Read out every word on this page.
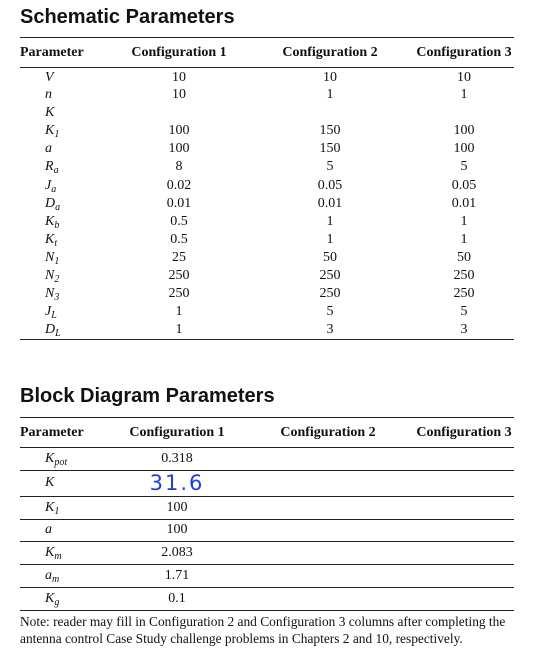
Schematic Parameters
Parameter	Configuration 1	Configuration 2	Configuration 3
V	10	10	10
n	10	1	1
K			
$K_1$	100	150	100
a	100	150	100
$R_a$	8	5	5
$J_a$	0.02	0.05	0.05
$D_a$	0.01	0.01	0.01
$K_b$	0.5	1	1
$K_t$	0.5	1	1
$N_1$	25	50	50
$N_2$	250	250	250
$N_3$	250	250	250
$J_L$	1	5	5
$D_L$	1	3	3
Block Diagram Parameters
Parameter	Configuration 1	Configuration 2	Configuration 3
$K_{pot}$	0.318		
K	31.6		
$K_1$	100		
a	100		
$K_m$	2.083		
$a_m$	1.71		
$K_g$	0.1		

Note: reader may fill in Configuration 2 and Configuration 3 columns after completing the antenna control Case Study challenge problems in Chapters 2 and 10, respectively.
